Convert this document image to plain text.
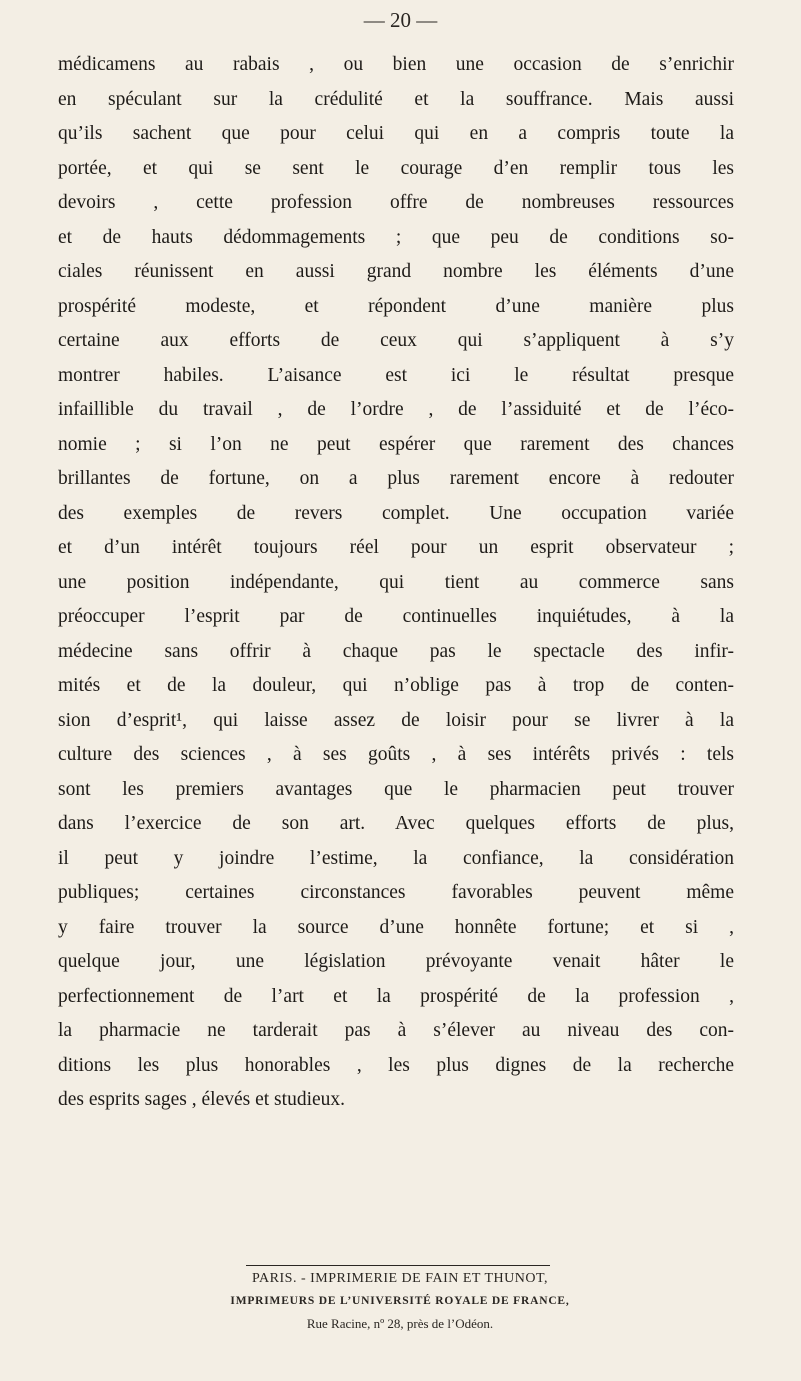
— 20 —
médicamens au rabais , ou bien une occasion de s’enrichir
en spéculant sur la crédulité et la souffrance. Mais aussi
qu’ils sachent que pour celui qui en a compris toute la
portée, et qui se sent le courage d’en remplir tous les
devoirs , cette profession offre de nombreuses ressources
et de hauts dédommagements ; que peu de conditions so-
ciales réunissent en aussi grand nombre les éléments d’une
prospérité modeste, et répondent d’une manière plus
certaine aux efforts de ceux qui s’appliquent à s’y
montrer habiles. L’aisance est ici le résultat presque
infaillible du travail , de l’ordre , de l’assiduité et de l’éco-
nomie ; si l’on ne peut espérer que rarement des chances
brillantes de fortune, on a plus rarement encore à redouter
des exemples de revers complet. Une occupation variée
et d’un intérêt toujours réel pour un esprit observateur ;
une position indépendante, qui tient au commerce sans
préoccuper l’esprit par de continuelles inquiétudes, à la
médecine sans offrir à chaque pas le spectacle des infir-
mités et de la douleur, qui n’oblige pas à trop de conten-
sion d’esprit¹, qui laisse assez de loisir pour se livrer à la
culture des sciences , à ses goûts , à ses intérêts privés : tels
sont les premiers avantages que le pharmacien peut trouver
dans l’exercice de son art. Avec quelques efforts de plus,
il peut y joindre l’estime, la confiance, la considération
publiques; certaines circonstances favorables peuvent même
y faire trouver la source d’une honnête fortune; et si ,
quelque jour, une législation prévoyante venait hâter le
perfectionnement de l’art et la prospérité de la profession ,
la pharmacie ne tarderait pas à s’élever au niveau des con-
ditions les plus honorables , les plus dignes de la recherche
des esprits sages , élevés et studieux.
PARIS. - IMPRIMERIE DE FAIN ET THUNOT,
IMPRIMEURS DE L’UNIVERSITÉ ROYALE DE FRANCE,
Rue Racine, nº 28, près de l’Odéon.
